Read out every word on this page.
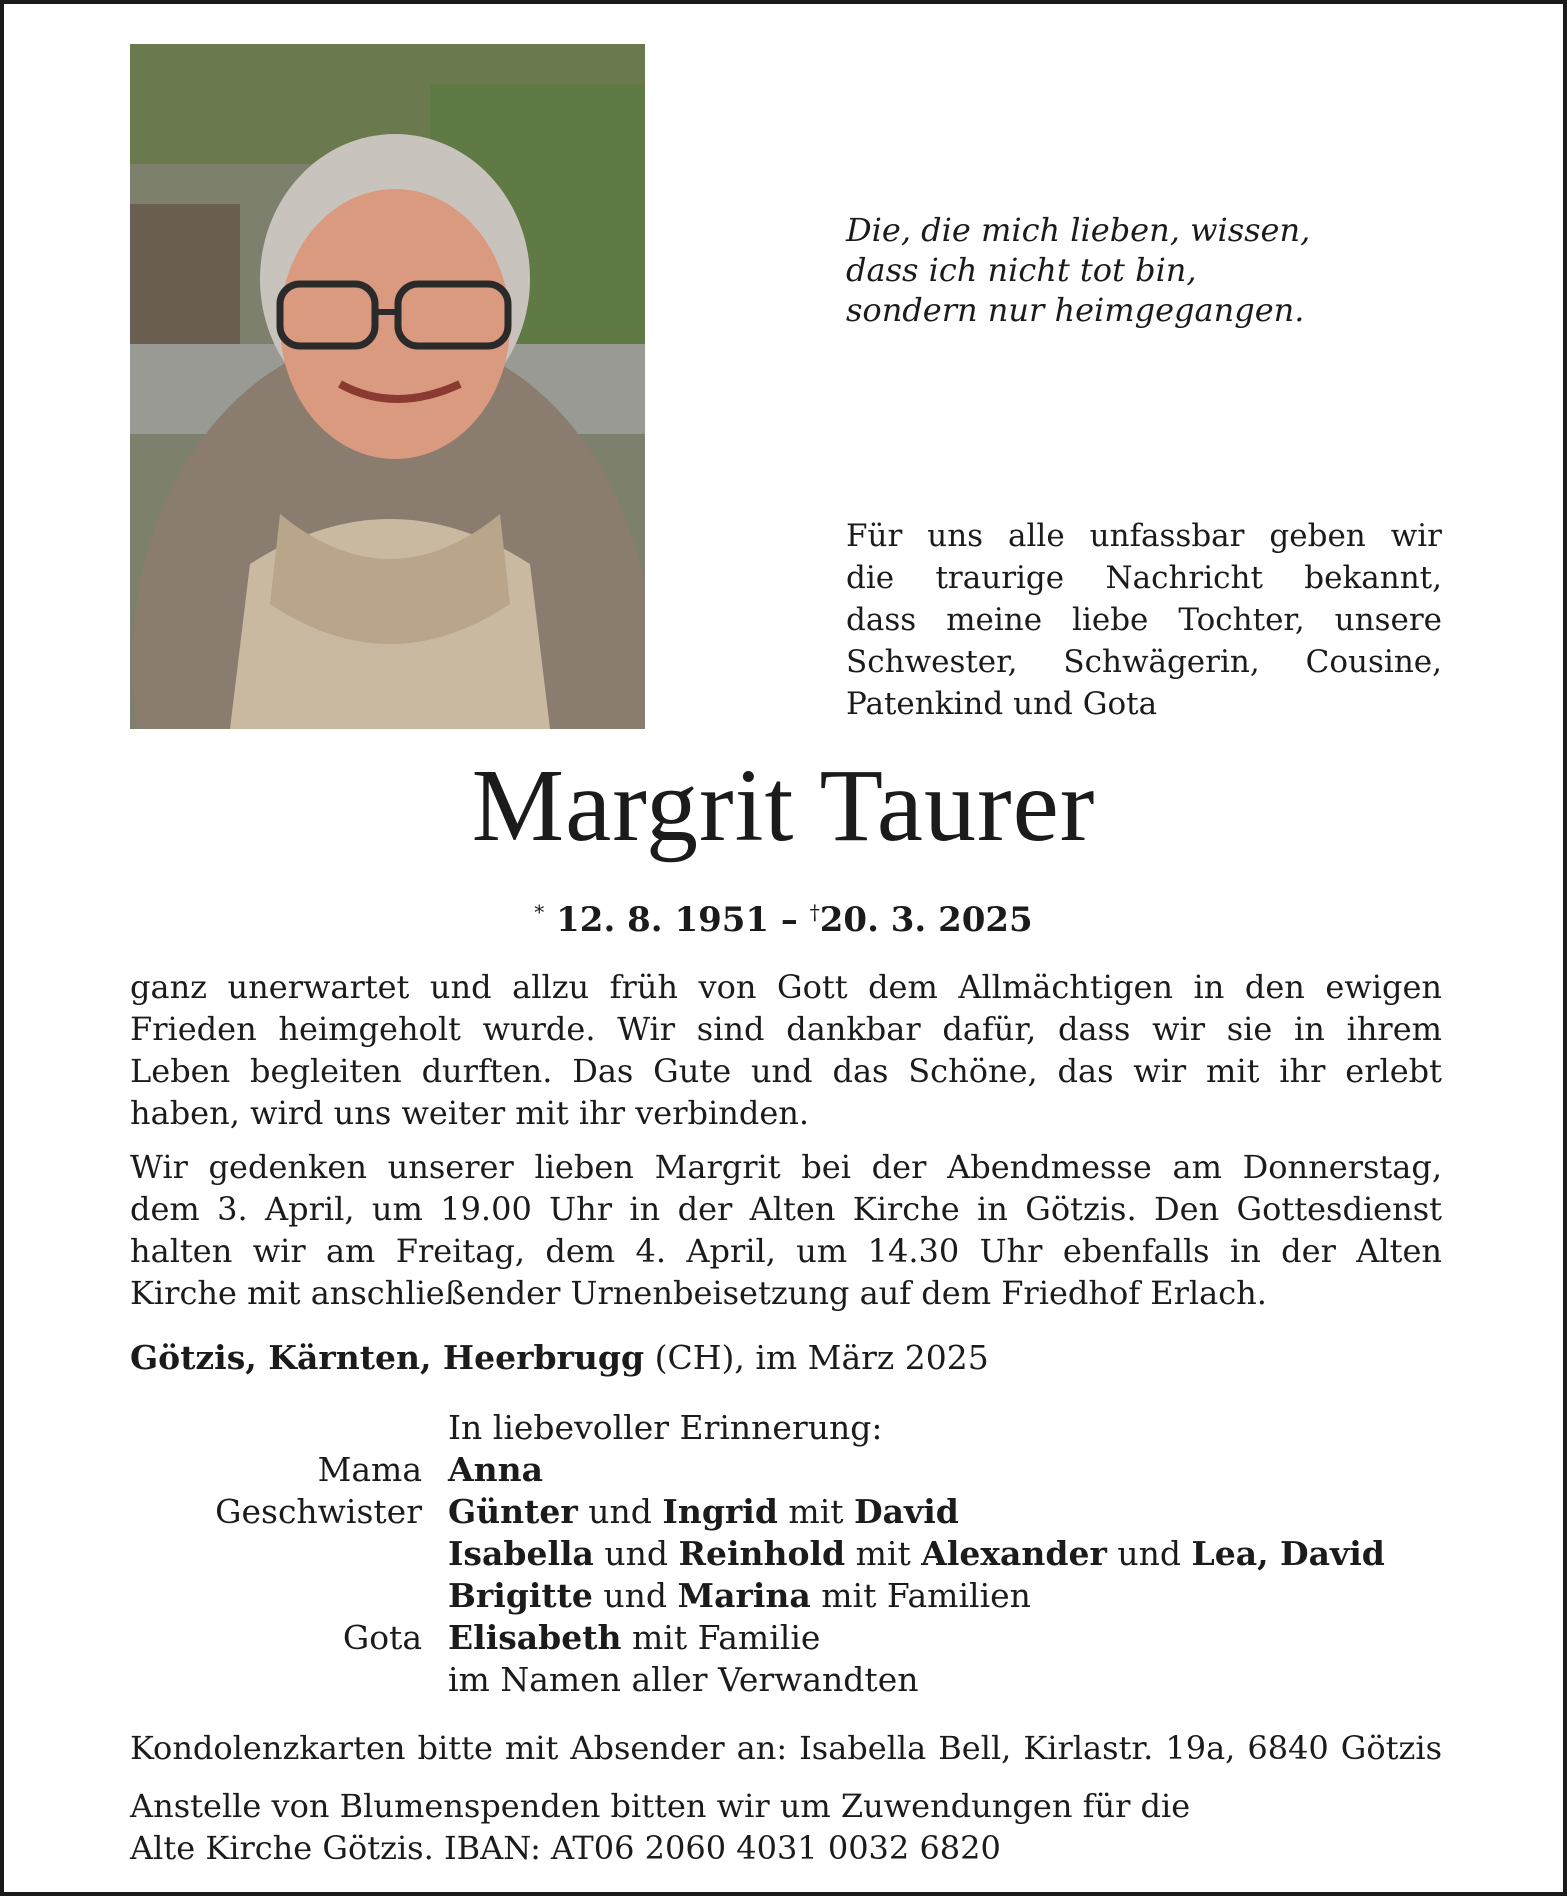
Die, die mich lieben, wissen,
dass ich nicht tot bin,
sondern nur heimgegangen.
Für uns alle unfassbar geben wir
die traurige Nachricht bekannt,
dass meine liebe Tochter, unsere
Schwester, Schwägerin, Cousine,
Patenkind und Gota
Margrit Taurer
* 12. 8. 1951 – †20. 3. 2025

ganz unerwartet und allzu früh von Gott dem Allmächtigen in den ewigen
Frieden heimgeholt wurde. Wir sind dankbar dafür, dass wir sie in ihrem
Leben begleiten durften. Das Gute und das Schöne, das wir mit ihr erlebt
haben, wird uns weiter mit ihr verbinden.

Wir gedenken unserer lieben Margrit bei der Abendmesse am Donnerstag,
dem 3. April, um 19.00 Uhr in der Alten Kirche in Götzis. Den Gottesdienst
halten wir am Freitag, dem 4. April, um 14.30 Uhr ebenfalls in der Alten
Kirche mit anschließender Urnenbeisetzung auf dem Friedhof Erlach.

Götzis, Kärnten, Heerbrugg (CH), im März 2025
In liebevoller Erinnerung:
Mama Anna
Geschwister Günter und Ingrid mit David
Isabella und Reinhold mit Alexander und Lea, David
Brigitte und Marina mit Familien
Gota Elisabeth mit Familie
im Namen aller Verwandten
Kondolenzkarten bitte mit Absender an: Isabella Bell, Kirlastr. 19a, 6840 Götzis
Anstelle von Blumenspenden bitten wir um Zuwendungen für die
Alte Kirche Götzis. IBAN: AT06 2060 4031 0032 6820
